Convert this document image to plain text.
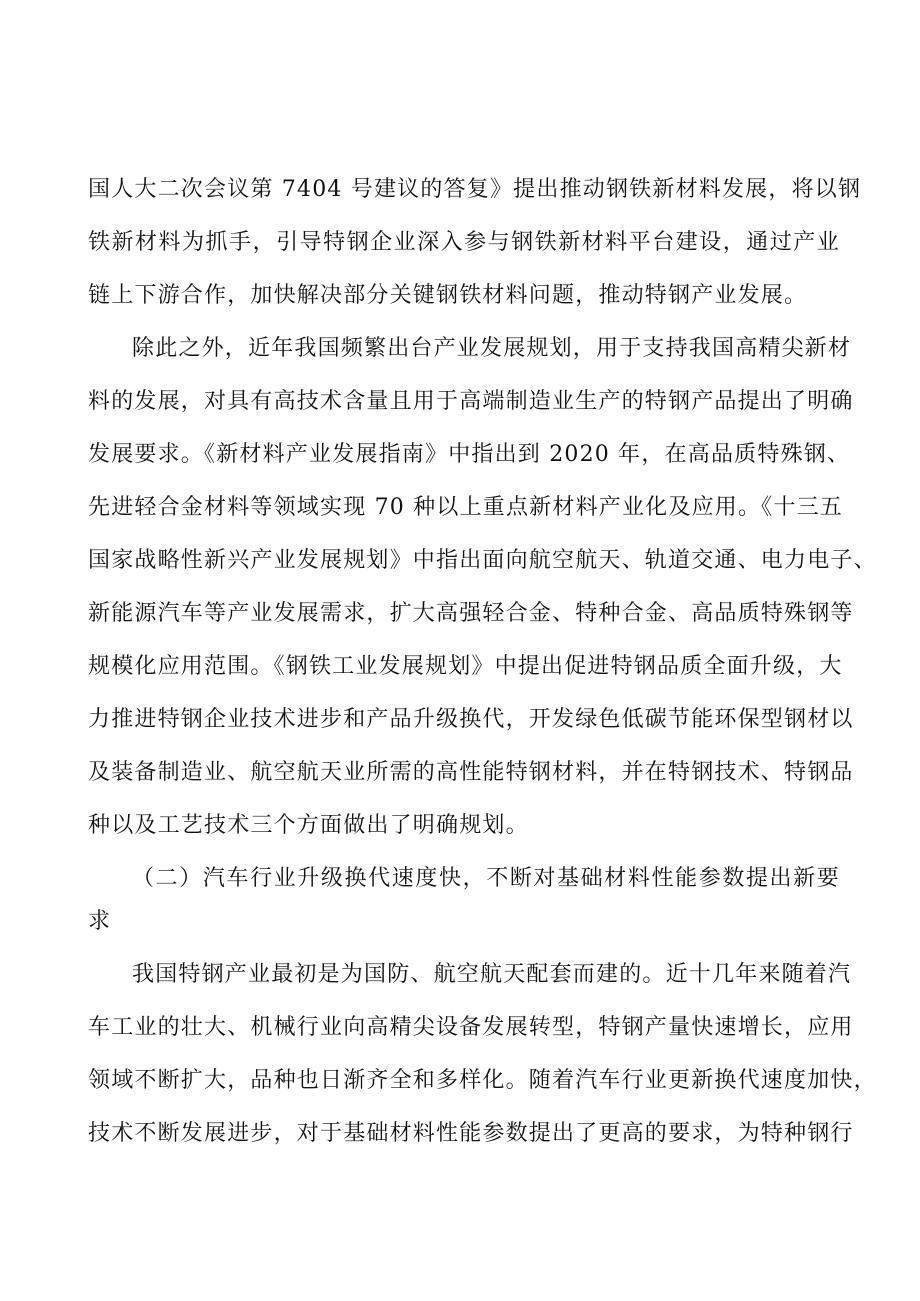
国人大二次会议第 7404 号建议的答复》提出推动钢铁新材料发展，将以钢
铁新材料为抓手，引导特钢企业深入参与钢铁新材料平台建设，通过产业
链上下游合作，加快解决部分关键钢铁材料问题，推动特钢产业发展。
除此之外，近年我国频繁出台产业发展规划，用于支持我国高精尖新材
料的发展，对具有高技术含量且用于高端制造业生产的特钢产品提出了明确
发展要求。《新材料产业发展指南》中指出到 2020 年，在高品质特殊钢、
先进轻合金材料等领域实现 70 种以上重点新材料产业化及应用。《十三五
国家战略性新兴产业发展规划》中指出面向航空航天、轨道交通、电力电子、
新能源汽车等产业发展需求，扩大高强轻合金、特种合金、高品质特殊钢等
规模化应用范围。《钢铁工业发展规划》中提出促进特钢品质全面升级，大
力推进特钢企业技术进步和产品升级换代，开发绿色低碳节能环保型钢材以
及装备制造业、航空航天业所需的高性能特钢材料，并在特钢技术、特钢品
种以及工艺技术三个方面做出了明确规划。
（二）汽车行业升级换代速度快，不断对基础材料性能参数提出新要
求
我国特钢产业最初是为国防、航空航天配套而建的。近十几年来随着汽
车工业的壮大、机械行业向高精尖设备发展转型，特钢产量快速增长，应用
领域不断扩大，品种也日渐齐全和多样化。随着汽车行业更新换代速度加快，
技术不断发展进步，对于基础材料性能参数提出了更高的要求，为特种钢行
